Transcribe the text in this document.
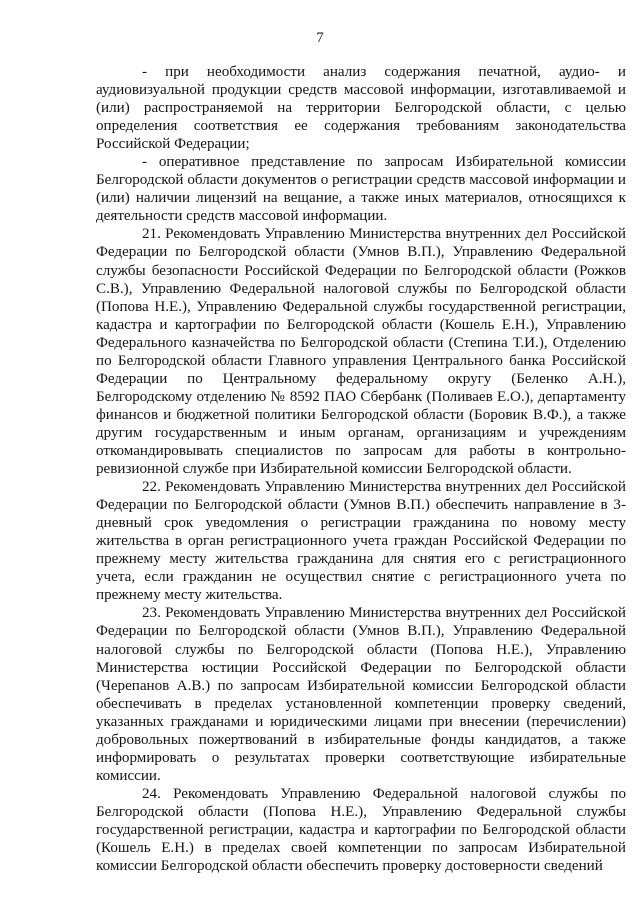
7

- при необходимости анализ содержания печатной, аудио- и аудиовизуальной продукции средств массовой информации, изготавливаемой и (или) распространяемой на территории Белгородской области, с целью определения соответствия ее содержания требованиям законодательства Российской Федерации;

- оперативное представление по запросам Избирательной комиссии Белгородской области документов о регистрации средств массовой информации и (или) наличии лицензий на вещание, а также иных материалов, относящихся к деятельности средств массовой информации.

21. Рекомендовать Управлению Министерства внутренних дел Российской Федерации по Белгородской области (Умнов В.П.), Управлению Федеральной службы безопасности Российской Федерации по Белгородской области (Рожков С.В.), Управлению Федеральной налоговой службы по Белгородской области (Попова Н.Е.), Управлению Федеральной службы государственной регистрации, кадастра и картографии по Белгородской области (Кошель Е.Н.), Управлению Федерального казначейства по Белгородской области (Степина Т.И.), Отделению по Белгородской области Главного управления Центрального банка Российской Федерации по Центральному федеральному округу (Беленко А.Н.), Белгородскому отделению № 8592 ПАО Сбербанк (Поливаев Е.О.), департаменту финансов и бюджетной политики Белгородской области (Боровик В.Ф.), а также другим государственным и иным органам, организациям и учреждениям откомандировывать специалистов по запросам для работы в контрольно-ревизионной службе при Избирательной комиссии Белгородской области.

22. Рекомендовать Управлению Министерства внутренних дел Российской Федерации по Белгородской области (Умнов В.П.) обеспечить направление в 3-дневный срок уведомления о регистрации гражданина по новому месту жительства в орган регистрационного учета граждан Российской Федерации по прежнему месту жительства гражданина для снятия его с регистрационного учета, если гражданин не осуществил снятие с регистрационного учета по прежнему месту жительства.

23. Рекомендовать Управлению Министерства внутренних дел Российской Федерации по Белгородской области (Умнов В.П.), Управлению Федеральной налоговой службы по Белгородской области (Попова Н.Е.), Управлению Министерства юстиции Российской Федерации по Белгородской области (Черепанов А.В.) по запросам Избирательной комиссии Белгородской области обеспечивать в пределах установленной компетенции проверку сведений, указанных гражданами и юридическими лицами при внесении (перечислении) добровольных пожертвований в избирательные фонды кандидатов, а также информировать о результатах проверки соответствующие избирательные комиссии.

24. Рекомендовать Управлению Федеральной налоговой службы по Белгородской области (Попова Н.Е.), Управлению Федеральной службы государственной регистрации, кадастра и картографии по Белгородской области (Кошель Е.Н.) в пределах своей компетенции по запросам Избирательной комиссии Белгородской области обеспечить проверку достоверности сведений
